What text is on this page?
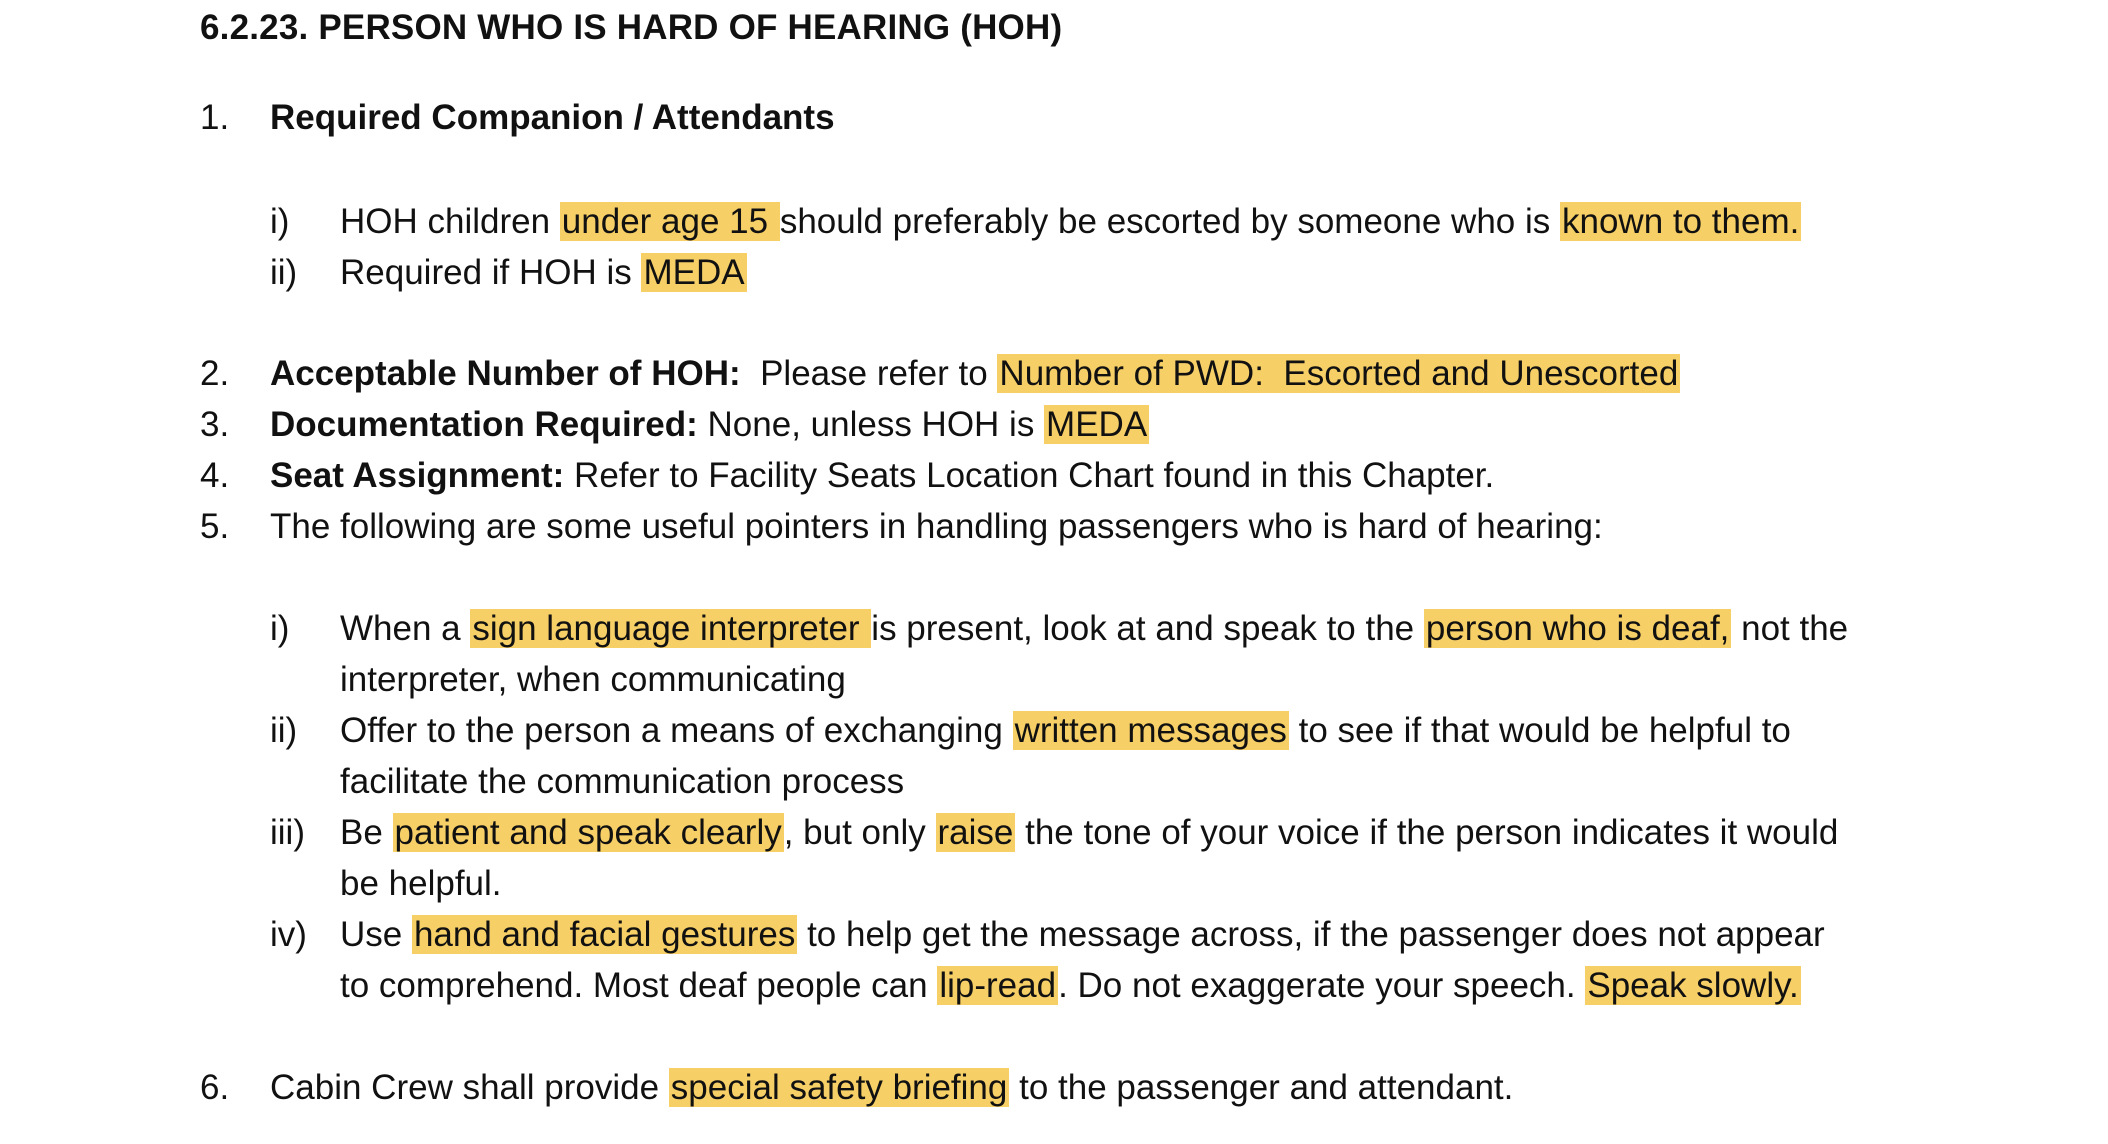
6.2.23. PERSON WHO IS HARD OF HEARING (HOH)
1. Required Companion / Attendants
i) HOH children under age 15 should preferably be escorted by someone who is known to them.
ii) Required if HOH is MEDA
2. Acceptable Number of HOH:  Please refer to Number of PWD:  Escorted and Unescorted
3. Documentation Required: None, unless HOH is MEDA
4. Seat Assignment: Refer to Facility Seats Location Chart found in this Chapter.
5. The following are some useful pointers in handling passengers who is hard of hearing:
i) When a sign language interpreter is present, look at and speak to the person who is deaf, not the
interpreter, when communicating
ii) Offer to the person a means of exchanging written messages to see if that would be helpful to
facilitate the communication process
iii) Be patient and speak clearly, but only raise the tone of your voice if the person indicates it would
be helpful.
iv) Use hand and facial gestures to help get the message across, if the passenger does not appear
to comprehend. Most deaf people can lip-read. Do not exaggerate your speech. Speak slowly.
6. Cabin Crew shall provide special safety briefing to the passenger and attendant.
